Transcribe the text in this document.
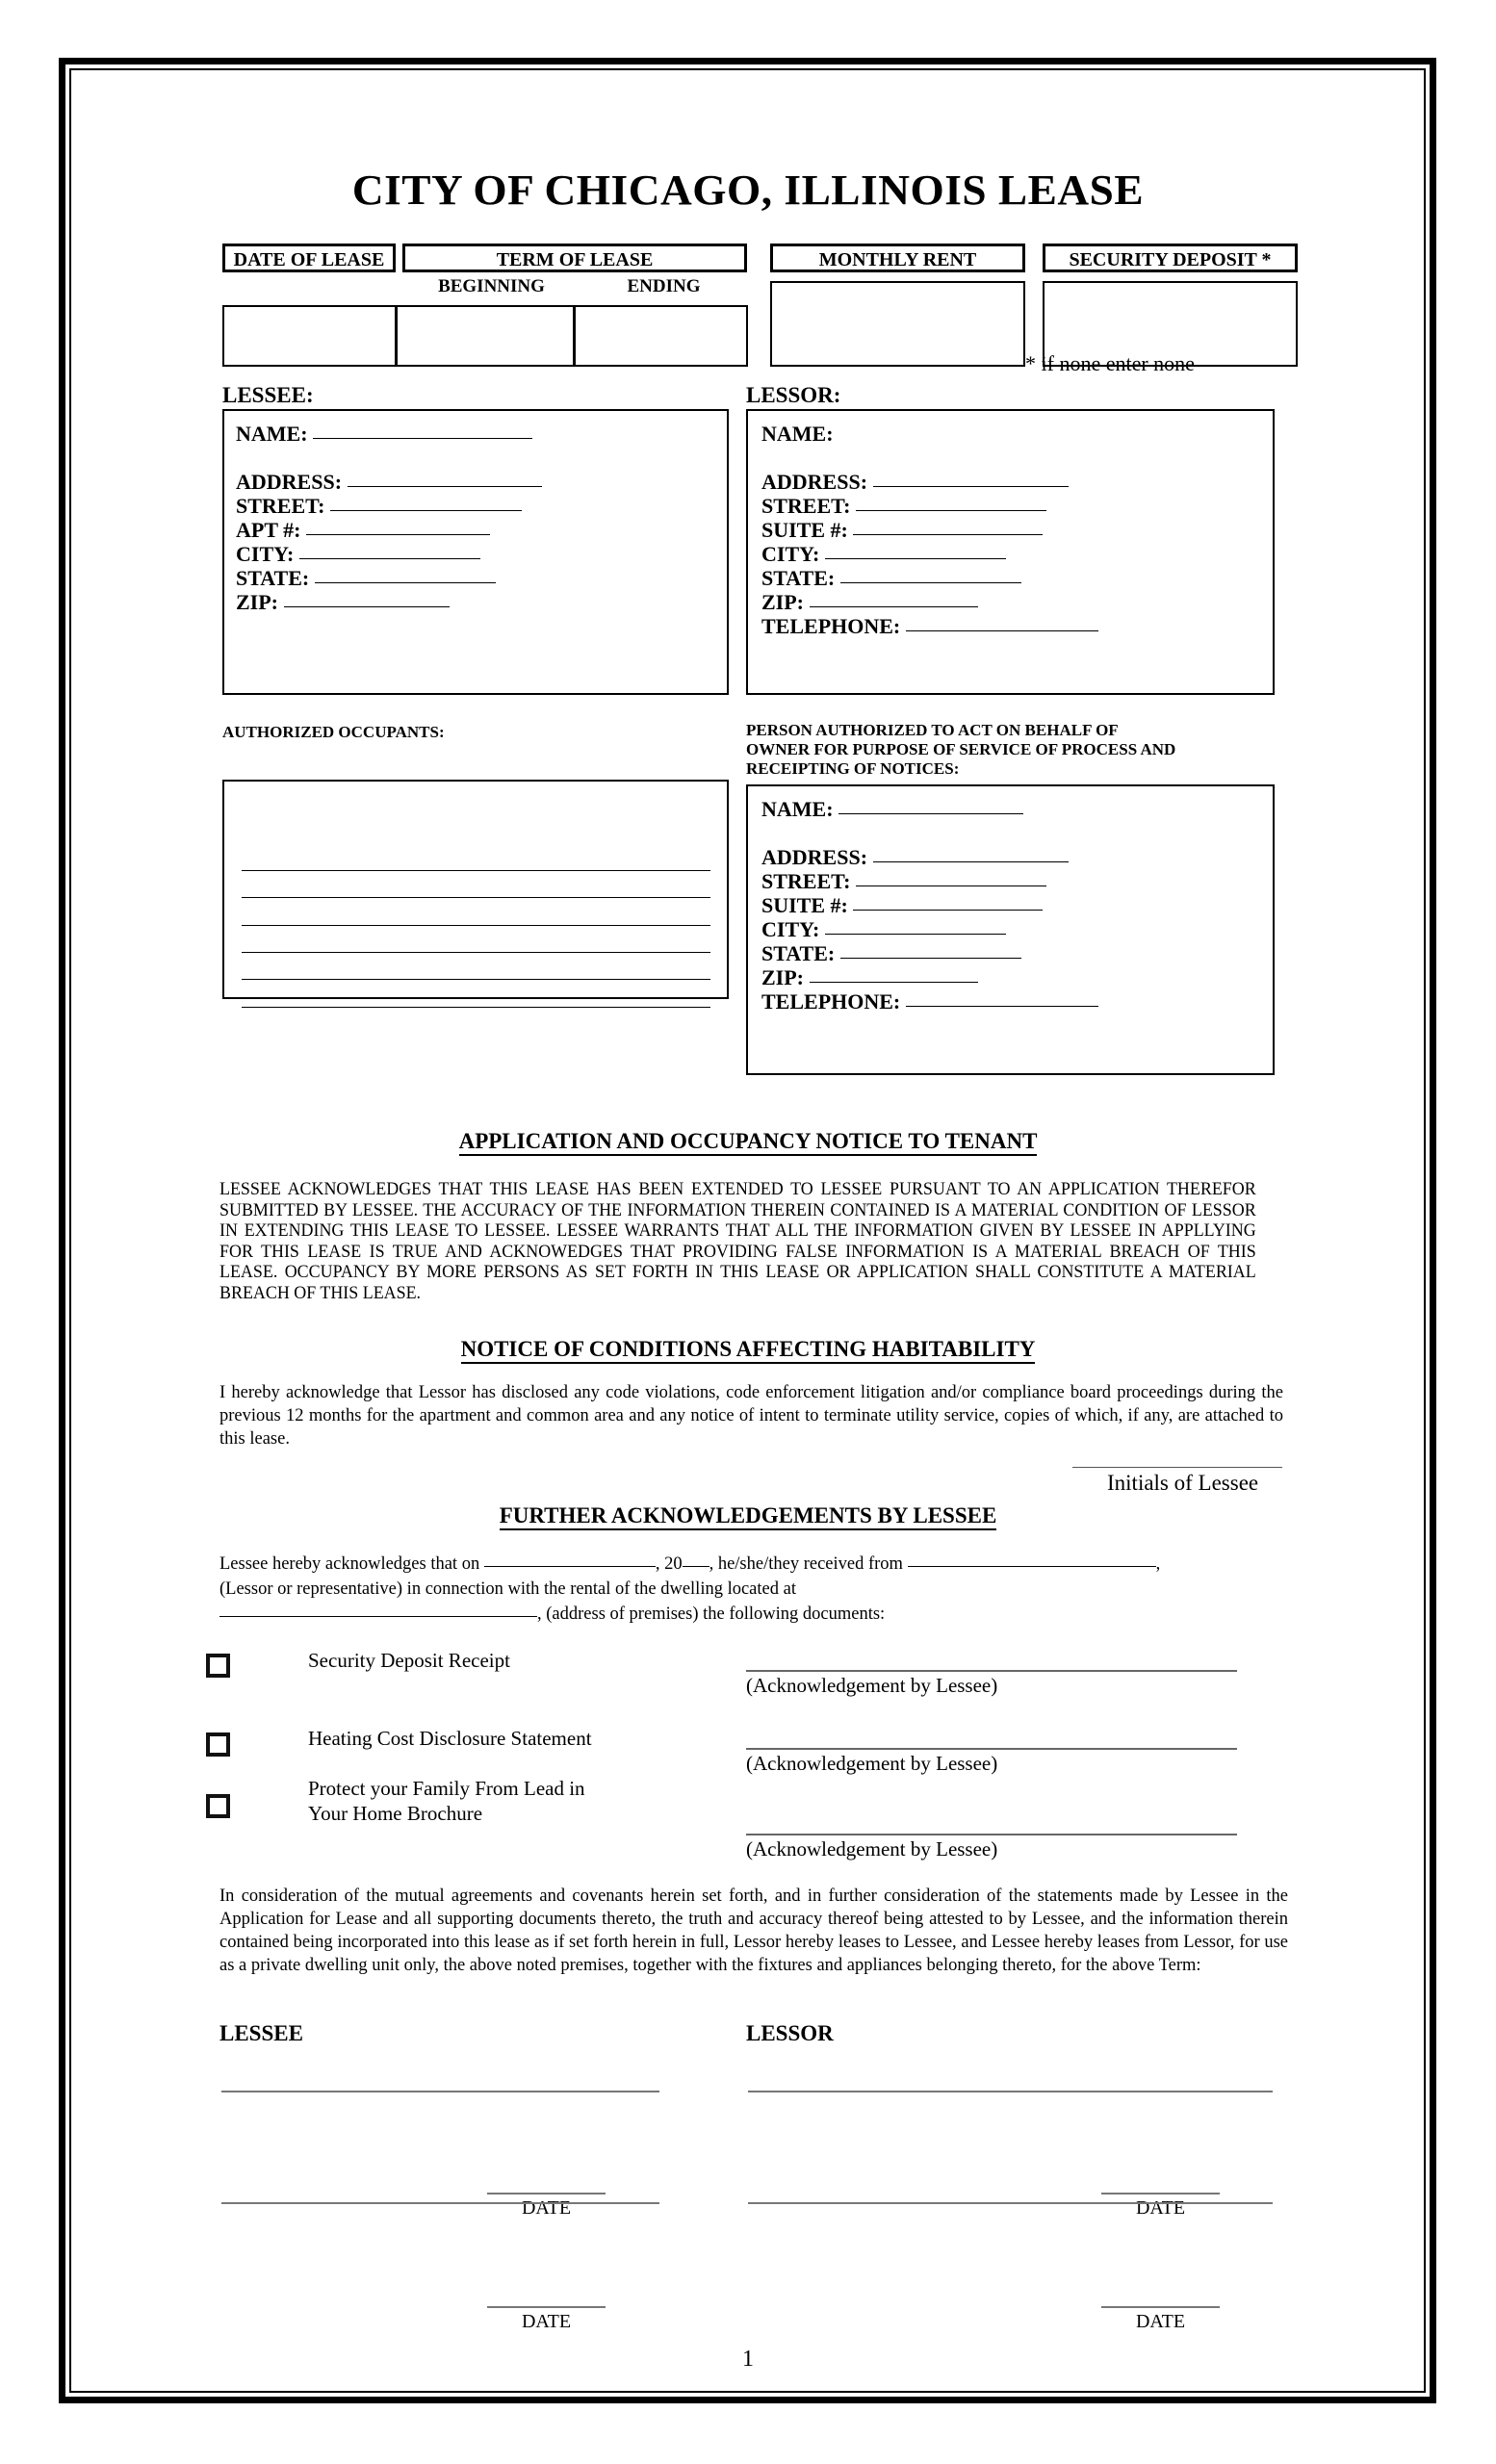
CITY OF CHICAGO, ILLINOIS LEASE
DATE OF LEASE	TERM OF LEASE	MONTHLY RENT	SECURITY DEPOSIT *
BEGINNING	ENDING
* if none enter none
LESSEE:
NAME:
ADDRESS:
STREET:
APT #:
CITY:
STATE:
ZIP:
LESSOR:
NAME:
ADDRESS:
STREET:
SUITE #:
CITY:
STATE:
ZIP:
TELEPHONE:
AUTHORIZED OCCUPANTS:	PERSON AUTHORIZED TO ACT ON BEHALF OF
OWNER FOR PURPOSE OF SERVICE OF PROCESS AND
RECEIPTING OF NOTICES:
NAME:
ADDRESS:
STREET:
SUITE #:
CITY:
STATE:
ZIP:
TELEPHONE:
APPLICATION AND OCCUPANCY NOTICE TO TENANT
LESSEE ACKNOWLEDGES THAT THIS LEASE HAS BEEN EXTENDED TO LESSEE PURSUANT TO AN APPLICATION THEREFOR SUBMITTED BY LESSEE. THE ACCURACY OF THE INFORMATION THEREIN CONTAINED IS A MATERIAL CONDITION OF LESSOR IN EXTENDING THIS LEASE TO LESSEE. LESSEE WARRANTS THAT ALL THE INFORMATION GIVEN BY LESSEE IN APPLLYING FOR THIS LEASE IS TRUE AND ACKNOWEDGES THAT PROVIDING FALSE INFORMATION IS A MATERIAL BREACH OF THIS LEASE. OCCUPANCY BY MORE PERSONS AS SET FORTH IN THIS LEASE OR APPLICATION SHALL CONSTITUTE A MATERIAL BREACH OF THIS LEASE.
NOTICE OF CONDITIONS AFFECTING HABITABILITY
I hereby acknowledge that Lessor has disclosed any code violations, code enforcement litigation and/or compliance board proceedings during the previous 12 months for the apartment and common area and any notice of intent to terminate utility service, copies of which, if any, are attached to this lease.
Initials of Lessee
FURTHER ACKNOWLEDGEMENTS BY LESSEE
Lessee hereby acknowledges that on	, 20 , he/she/they received from	,
(Lessor or representative) in connection with the rental of the dwelling located at
, (address of premises) the following documents:
Security Deposit Receipt
(Acknowledgement by Lessee)
Heating Cost Disclosure Statement
(Acknowledgement by Lessee)
Protect your Family From Lead in
Your Home Brochure
(Acknowledgement by Lessee)
In consideration of the mutual agreements and covenants herein set forth, and in further consideration of the statements made by Lessee in the Application for Lease and all supporting documents thereto, the truth and accuracy thereof being attested to by Lessee, and the information therein contained being incorporated into this lease as if set forth herein in full, Lessor hereby leases to Lessee, and Lessee hereby leases from Lessor, for use as a private dwelling unit only, the above noted premises, together with the fixtures and appliances belonging thereto, for the above Term:
LESSEE	LESSOR
DATE	DATE
DATE	DATE
1
